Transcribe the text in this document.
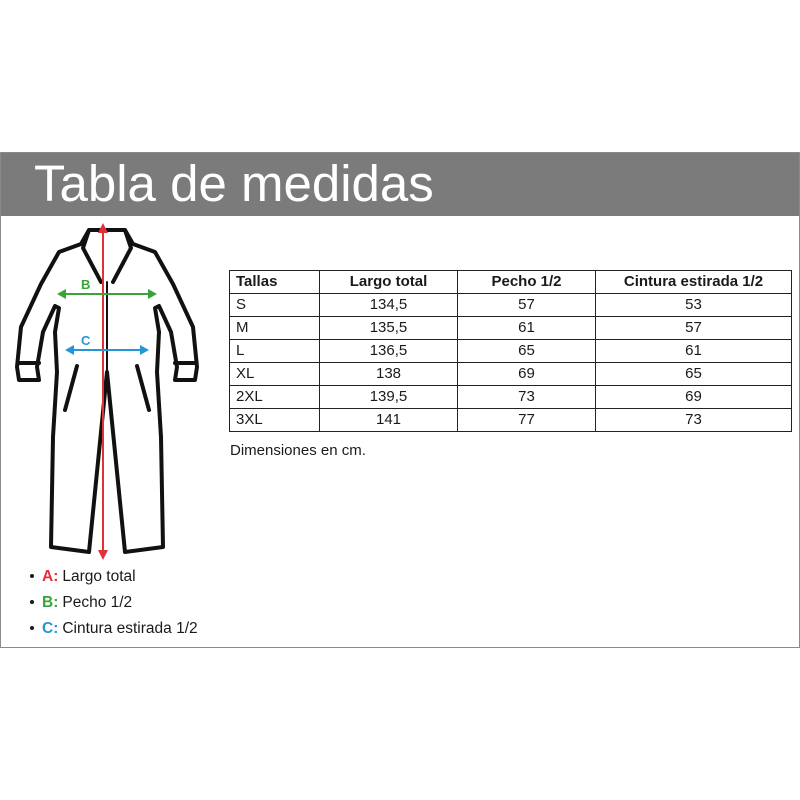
Tabla de medidas
B
C
Tallas	Largo total	Pecho 1/2	Cintura estirada 1/2
S	134,5	57	53
M	135,5	61	57
L	136,5	65	61
XL	138	69	65
2XL	139,5	73	69
3XL	141	77	73
Dimensiones en cm.
A: Largo total
B: Pecho 1/2
C: Cintura estirada 1/2
